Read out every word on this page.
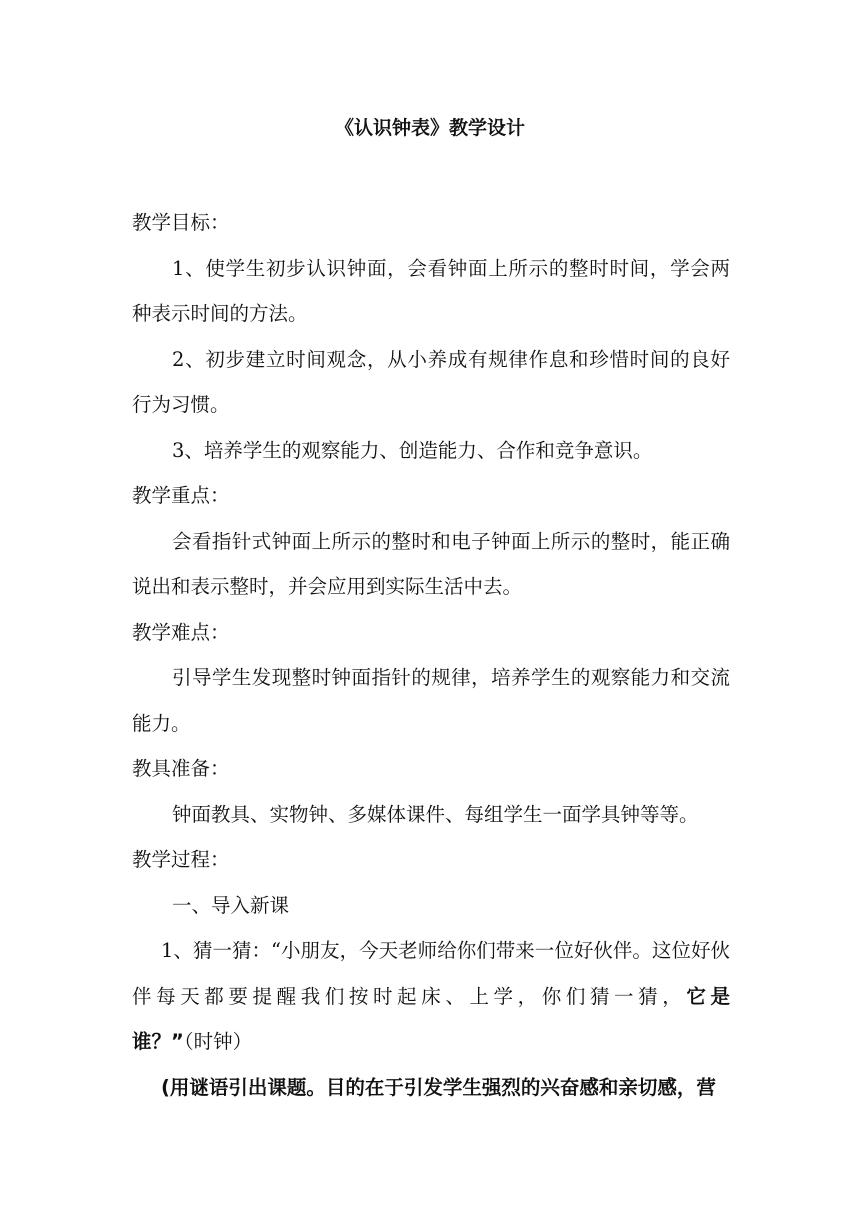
《认识钟表》教学设计

教学目标：

1、使学生初步认识钟面，会看钟面上所示的整时时间，学会两种表示时间的方法。

2、初步建立时间观念，从小养成有规律作息和珍惜时间的良好行为习惯。

3、培养学生的观察能力、创造能力、合作和竞争意识。

教学重点：

会看指针式钟面上所示的整时和电子钟面上所示的整时，能正确说出和表示整时，并会应用到实际生活中去。

教学难点：

引导学生发现整时钟面指针的规律，培养学生的观察能力和交流能力。

教具准备：

钟面教具、实物钟、多媒体课件、每组学生一面学具钟等等。

教学过程：

一、导入新课

1、猜一猜：“小朋友，今天老师给你们带来一位好伙伴。这位好伙伴每天都要提醒我们按时起床、上学，你们猜一猜，它是谁？”（时钟）

(用谜语引出课题。目的在于引发学生强烈的兴奋感和亲切感，营
